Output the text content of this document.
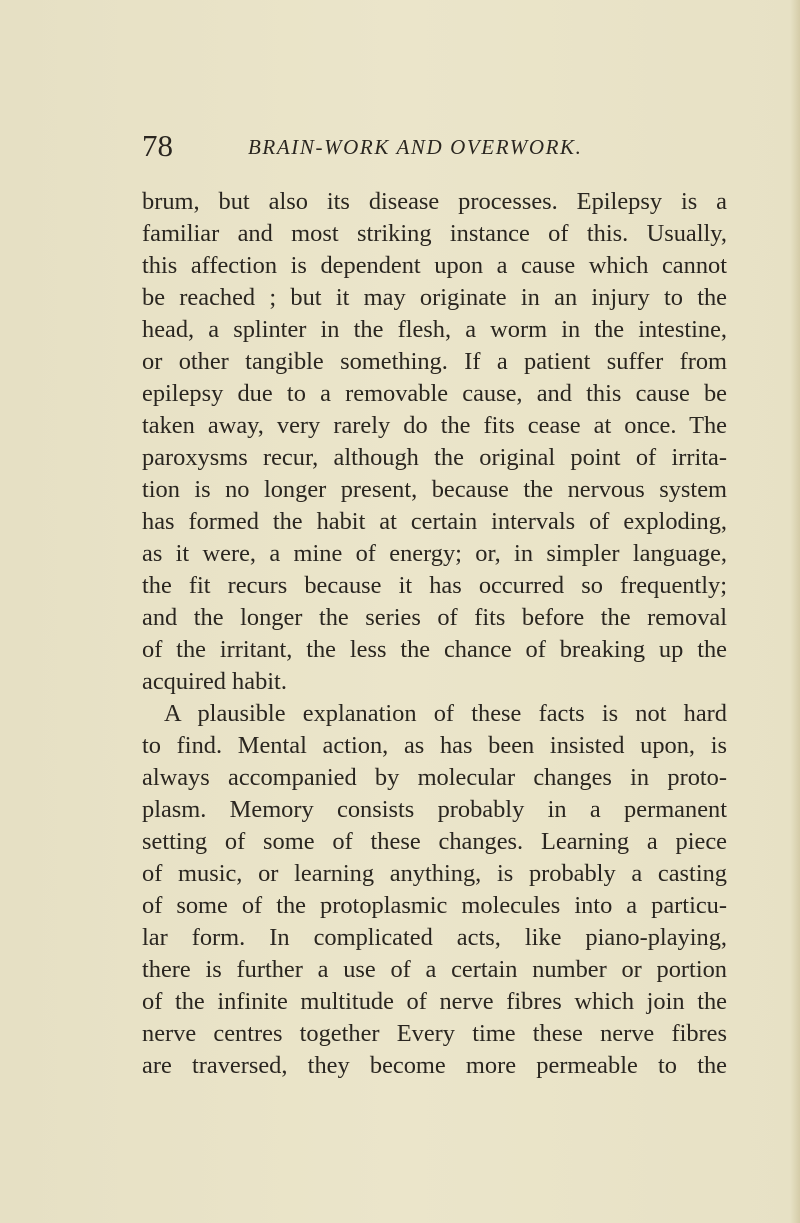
78	BRAIN-WORK AND OVERWORK.
brum, but also its disease processes. Epilepsy is a
familiar and most striking instance of this. Usually,
this affection is dependent upon a cause which cannot
be reached ; but it may originate in an injury to the
head, a splinter in the flesh, a worm in the intestine,
or other tangible something. If a patient suffer from
epilepsy due to a removable cause, and this cause be
taken away, very rarely do the fits cease at once. The
paroxysms recur, although the original point of irrita-
tion is no longer present, because the nervous system
has formed the habit at certain intervals of exploding,
as it were, a mine of energy; or, in simpler language,
the fit recurs because it has occurred so frequently;
and the longer the series of fits before the removal
of the irritant, the less the chance of breaking up the
acquired habit.
A plausible explanation of these facts is not hard
to find. Mental action, as has been insisted upon, is
always accompanied by molecular changes in proto-
plasm. Memory consists probably in a permanent
setting of some of these changes. Learning a piece
of music, or learning anything, is probably a casting
of some of the protoplasmic molecules into a particu-
lar form. In complicated acts, like piano-playing,
there is further a use of a certain number or portion
of the infinite multitude of nerve fibres which join the
nerve centres together Every time these nerve fibres
are traversed, they become more permeable to the
